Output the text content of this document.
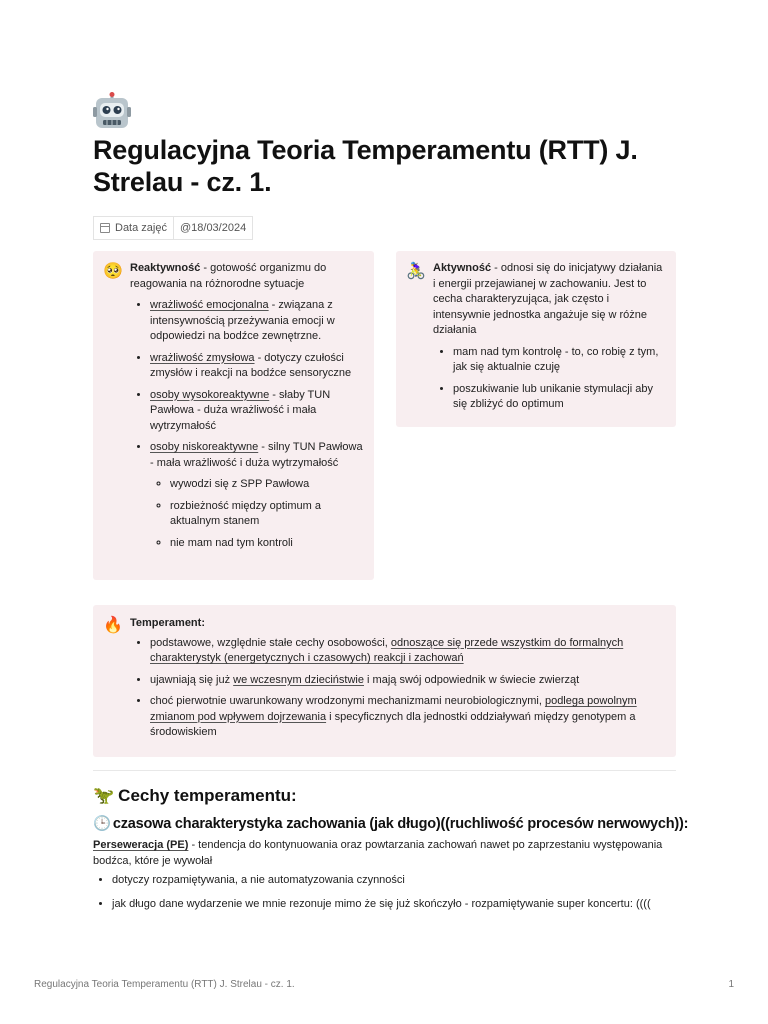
Regulacyjna Teoria Temperamentu (RTT) J. Strelau - cz. 1.
Data zajęć	@18/03/2024
🥺 Reaktywność - gotowość organizmu do reagowania na różnorodne sytuacje

• wrażliwość emocjonalna - związana z intensywnością przeżywania emocji w odpowiedzi na bodźce zewnętrzne.
• wrażliwość zmysłowa - dotyczy czułości zmysłów i reakcji na bodźce sensoryczne
• osoby wysokoreaktywne - słaby TUN Pawłowa - duża wrażliwość i mała wytrzymałość
• osoby niskoreaktywne - silny TUN Pawłowa - mała wrażliwość i duża wytrzymałość
◦ wywodzi się z SPP Pawłowa
◦ rozbieżność między optimum a aktualnym stanem
◦ nie mam nad tym kontroli
🚴‍♀️ Aktywność - odnosi się do inicjatywy działania i energii przejawianej w zachowaniu. Jest to cecha charakteryzująca, jak często i intensywnie jednostka angażuje się w różne działania

• mam nad tym kontrolę - to, co robię z tym, jak się aktualnie czuję
• poszukiwanie lub unikanie stymulacji aby się zbliżyć do optimum
🔥 Temperament:

• podstawowe, względnie stałe cechy osobowości, odnoszące się przede wszystkim do formalnych charakterystyk (energetycznych i czasowych) reakcji i zachowań
• ujawniają się już we wczesnym dzieciństwie i mają swój odpowiednik w świecie zwierząt
• choć pierwotnie uwarunkowany wrodzonymi mechanizmami neurobiologicznymi, podlega powolnym zmianom pod wpływem dojrzewania i specyficznych dla jednostki oddziaływań między genotypem a środowiskiem
🦖 Cechy temperamentu:
🕒 czasowa charakterystyka zachowania (jak długo)((ruchliwość procesów nerwowych)):

Perseweracja (PE) - tendencja do kontynuowania oraz powtarzania zachowań nawet po zaprzestaniu występowania bodźca, które je wywołał

• dotyczy rozpamiętywania, a nie automatyzowania czynności
• jak długo dane wydarzenie we mnie rezonuje mimo że się już skończyło - rozpamiętywanie super koncertu: ((((
Regulacyjna Teoria Temperamentu (RTT) J. Strelau - cz. 1.	1
